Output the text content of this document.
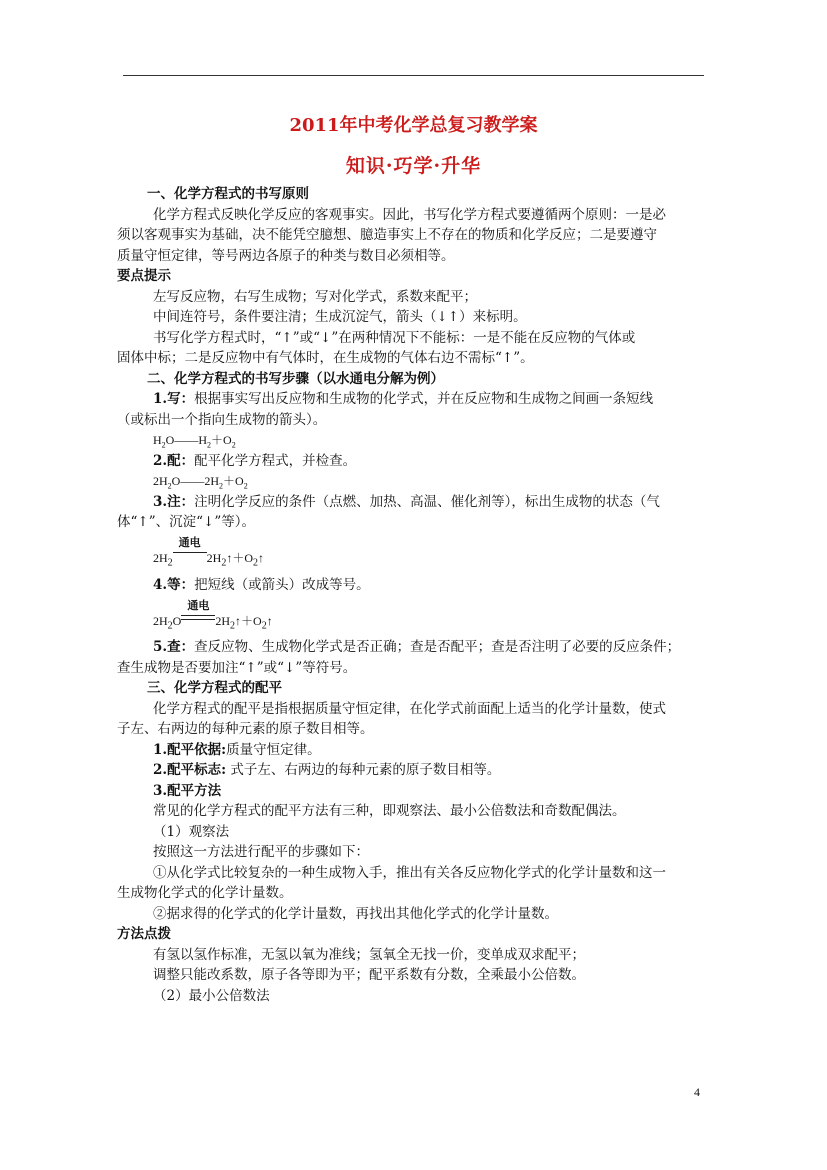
2011年中考化学总复习教学案
知识·巧学·升华
一、化学方程式的书写原则
化学方程式反映化学反应的客观事实。因此，书写化学方程式要遵循两个原则：一是必
须以客观事实为基础，决不能凭空臆想、臆造事实上不存在的物质和化学反应；二是要遵守
质量守恒定律，等号两边各原子的种类与数目必须相等。
要点提示
左写反应物，右写生成物；写对化学式，系数来配平；
中间连符号，条件要注清；生成沉淀气，箭头（↓↑）来标明。
书写化学方程式时，“↑”或“↓”在两种情况下不能标：一是不能在反应物的气体或
固体中标；二是反应物中有气体时，在生成物的气体右边不需标“↑”。
二、化学方程式的书写步骤（以水通电分解为例）
1.写：根据事实写出反应物和生成物的化学式，并在反应物和生成物之间画一条短线
（或标出一个指向生成物的箭头）。
$H_2O——H_2+O_2$
2.配：配平化学方程式，并检查。
$2H_2O——2H_2+O_2$
3.注：注明化学反应的条件（点燃、加热、高温、催化剂等），标出生成物的状态（气
体“↑”、沉淀“↓”等）。
$2H_2$
通电
$2H_2↑+O_2↑$
4.等：把短线（或箭头）改成等号。
$2H_2O$
通电
$2H_2↑+O_2↑$
5.查：查反应物、生成物化学式是否正确；查是否配平；查是否注明了必要的反应条件；
查生成物是否要加注“↑”或“↓”等符号。
三、化学方程式的配平
化学方程式的配平是指根据质量守恒定律，在化学式前面配上适当的化学计量数，使式
子左、右两边的每种元素的原子数目相等。
1.配平依据:质量守恒定律。
2.配平标志: 式子左、右两边的每种元素的原子数目相等。
3.配平方法
常见的化学方程式的配平方法有三种，即观察法、最小公倍数法和奇数配偶法。
（1）观察法
按照这一方法进行配平的步骤如下：
①从化学式比较复杂的一种生成物入手，推出有关各反应物化学式的化学计量数和这一
生成物化学式的化学计量数。
②据求得的化学式的化学计量数，再找出其他化学式的化学计量数。
方法点拨
有氢以氢作标准，无氢以氧为准线；氢氧全无找一价，变单成双求配平；
调整只能改系数，原子各等即为平；配平系数有分数，全乘最小公倍数。
（2）最小公倍数法
4
